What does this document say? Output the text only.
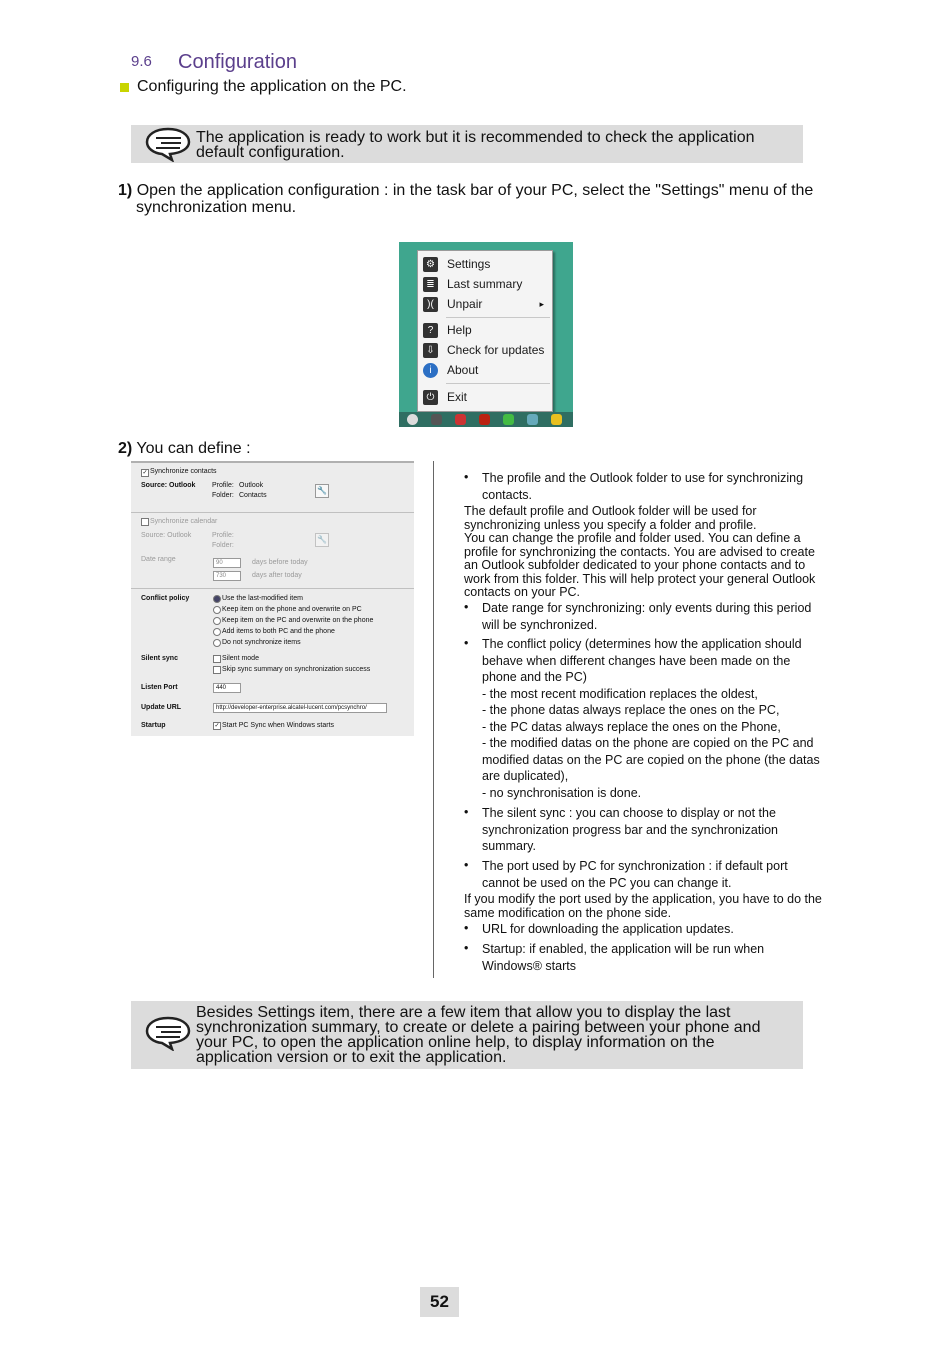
9.6 Configuration
Configuring the application on the PC.
The application is ready to work but it is recommended to check the application
default configuration.
1) Open the application configuration : in the task bar of your PC, select the "Settings" menu of the
synchronization menu.
⚙ Settings
≣ Last summary
)(	Unpair	▸
?	Help
⇩ Check for updates
i	About
⏻ Exit
2) You can define :
✓ Synchronize contacts
Source: Outlook Profile: Outlook
Folder: Contacts
🔧
Synchronize calendar
Source: Outlook	Profile:
Folder:
🔧
Date range	90	days before today
730	days after today
Conflict policy	Use the last-modified item
Keep item on the phone and overwrite on PC
Keep item on the PC and overwrite on the phone
Add items to both PC and the phone
Do not synchronize items
Silent sync	Silent mode
Skip sync summary on synchronization success
Listen Port	440
Update URL	http://developer-enterprise.alcatel-lucent.com/pcsynchro/
Startup	✓ Start PC Sync when Windows starts
• The profile and the Outlook folder to use for synchronizing
contacts.
The default profile and Outlook folder will be used for
synchronizing unless you specify a folder and profile.
You can change the profile and folder used. You can define a
profile for synchronizing the contacts. You are advised to create
an Outlook subfolder dedicated to your phone contacts and to
work from this folder. This will help protect your general Outlook
contacts on your PC.
• Date range for synchronizing: only events during this period
will be synchronized.
• The conflict policy (determines how the application should
behave when different changes have been made on the
phone and the PC)
- the most recent modification replaces the oldest,
- the phone datas always replace the ones on the PC,
- the PC datas always replace the ones on the Phone,
- the modified datas on the phone are copied on the PC and
modified datas on the PC are copied on the phone (the datas
are duplicated),
- no synchronisation is done.
• The silent sync : you can choose to display or not the
synchronization progress bar and the synchronization
summary.
• The port used by PC for synchronization : if default port
cannot be used on the PC you can change it.
If you modify the port used by the application, you have to do the
same modification on the phone side.
• URL for downloading the application updates.
• Startup: if enabled, the application will be run when
Windows® starts
Besides Settings item, there are a few item that allow you to display the last
synchronization summary, to create or delete a pairing between your phone and
your PC, to open the application online help, to display information on the
application version or to exit the application.
52
